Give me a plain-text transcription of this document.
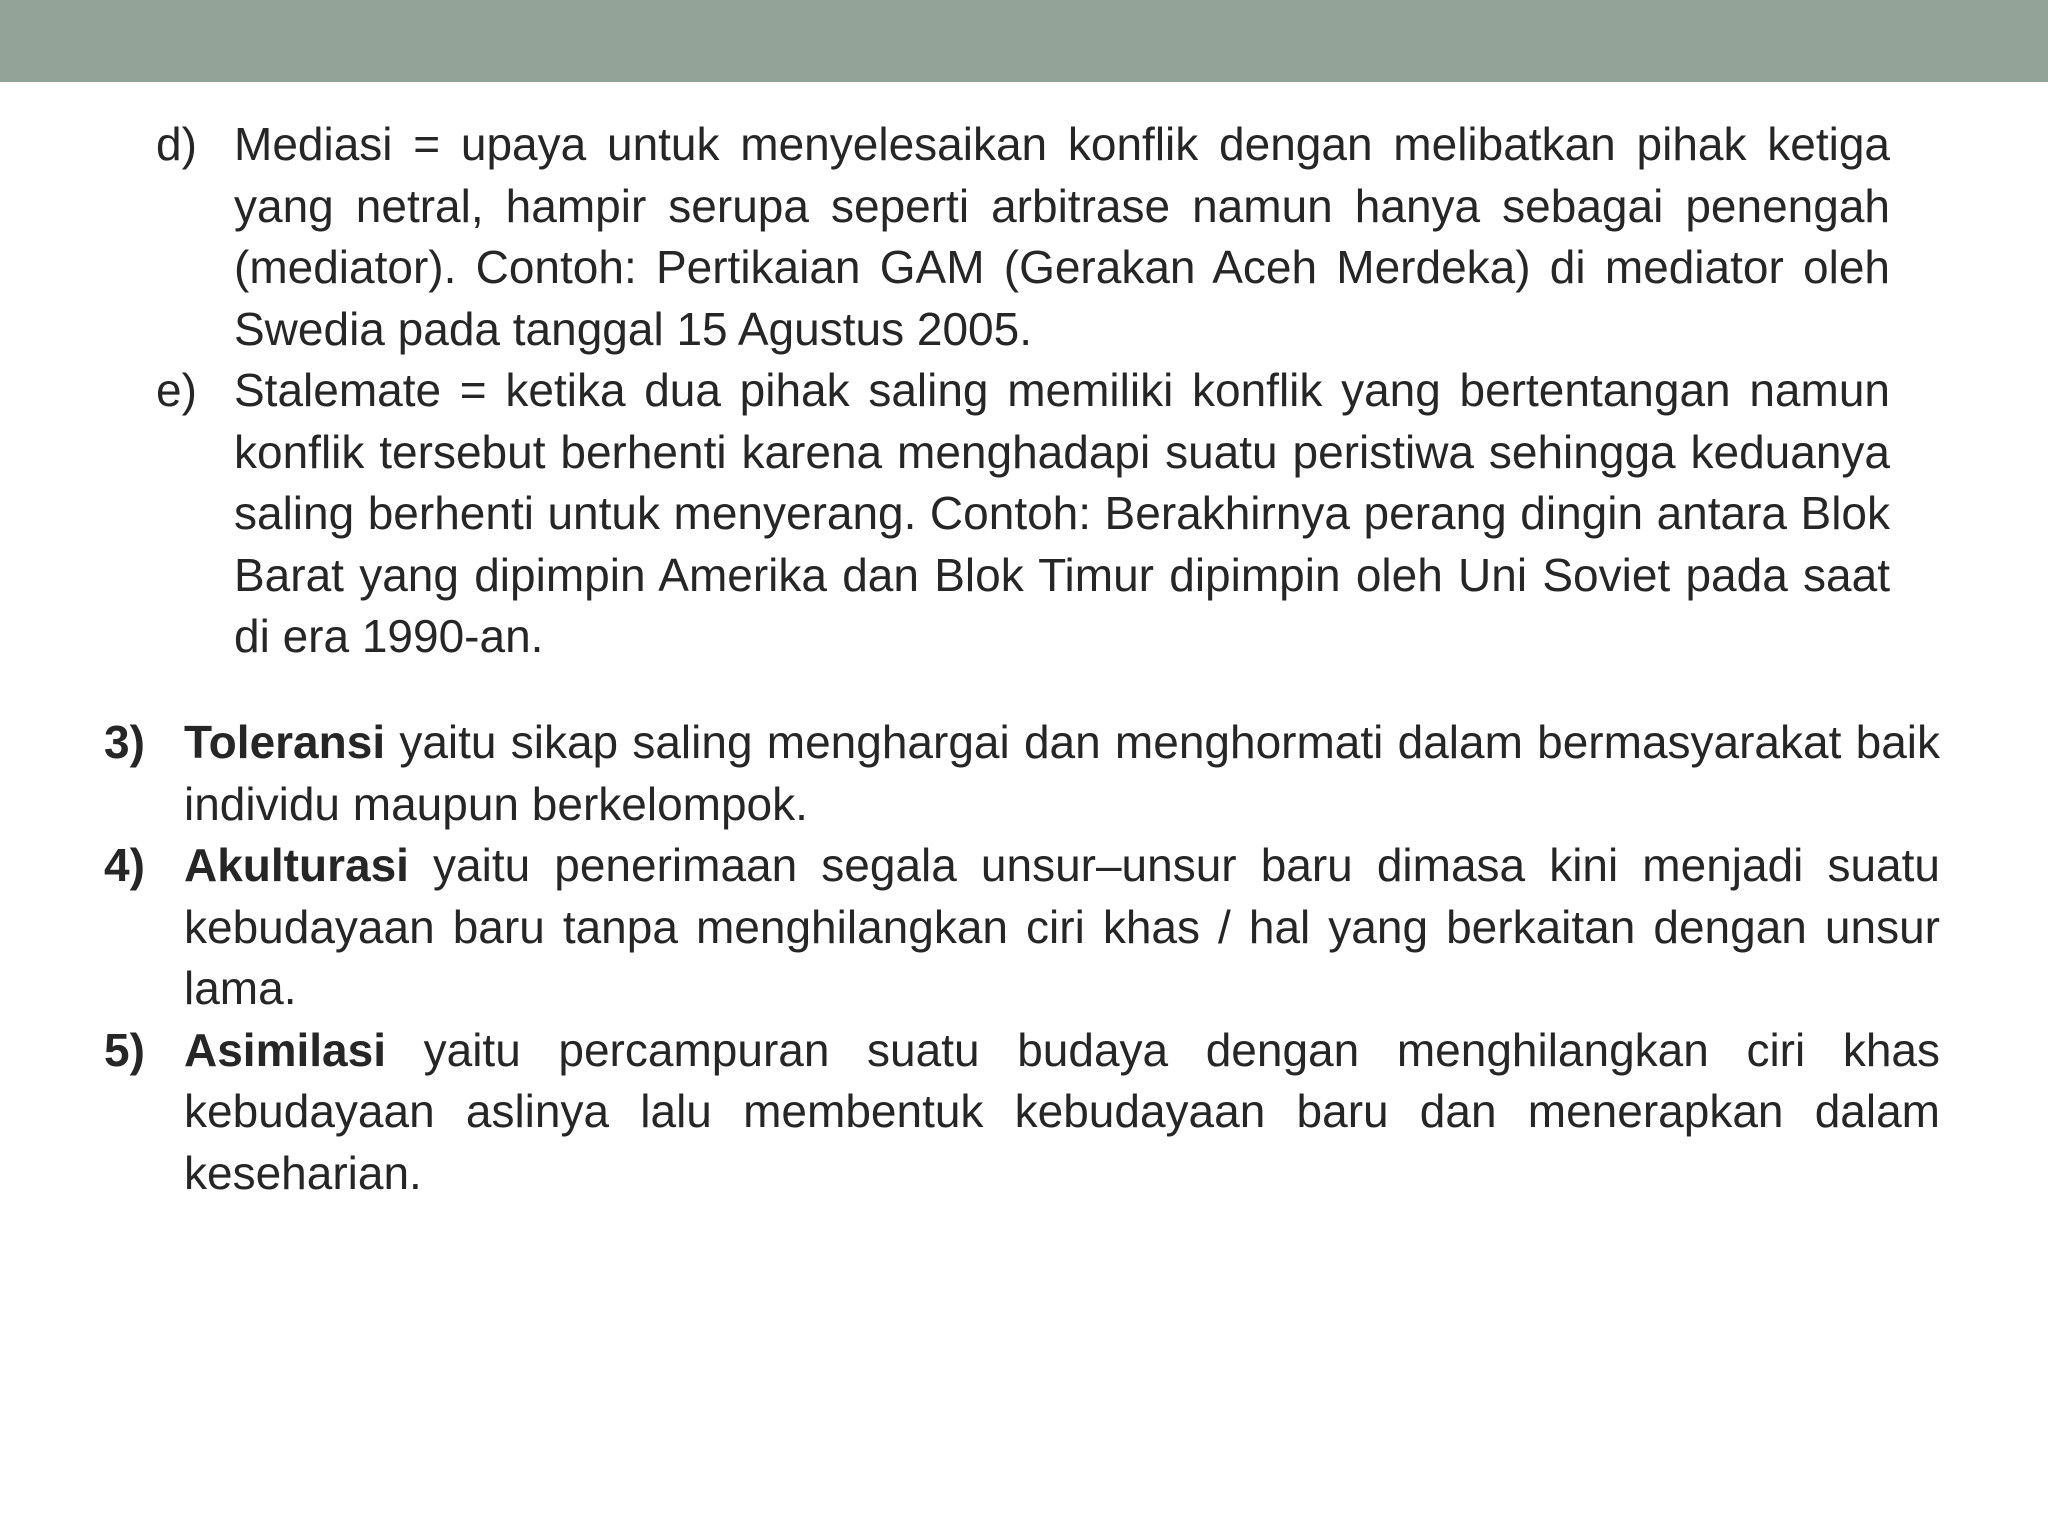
d) Mediasi = upaya untuk menyelesaikan konflik dengan melibatkan pihak ketiga yang netral, hampir serupa seperti arbitrase namun hanya sebagai penengah (mediator). Contoh: Pertikaian GAM (Gerakan Aceh Merdeka) di mediator oleh Swedia pada tanggal 15 Agustus 2005.
e) Stalemate = ketika dua pihak saling memiliki konflik yang bertentangan namun konflik tersebut berhenti karena menghadapi suatu peristiwa sehingga keduanya saling berhenti untuk menyerang. Contoh: Berakhirnya perang dingin antara Blok Barat yang dipimpin Amerika dan Blok Timur dipimpin oleh Uni Soviet pada saat di era 1990-an.
3) Toleransi yaitu sikap saling menghargai dan menghormati dalam bermasyarakat baik individu maupun berkelompok.
4) Akulturasi yaitu penerimaan segala unsur–unsur baru dimasa kini menjadi suatu kebudayaan baru tanpa menghilangkan ciri khas / hal yang berkaitan dengan unsur lama.
5) Asimilasi yaitu percampuran suatu budaya dengan menghilangkan ciri khas kebudayaan aslinya lalu membentuk kebudayaan baru dan menerapkan dalam keseharian.
